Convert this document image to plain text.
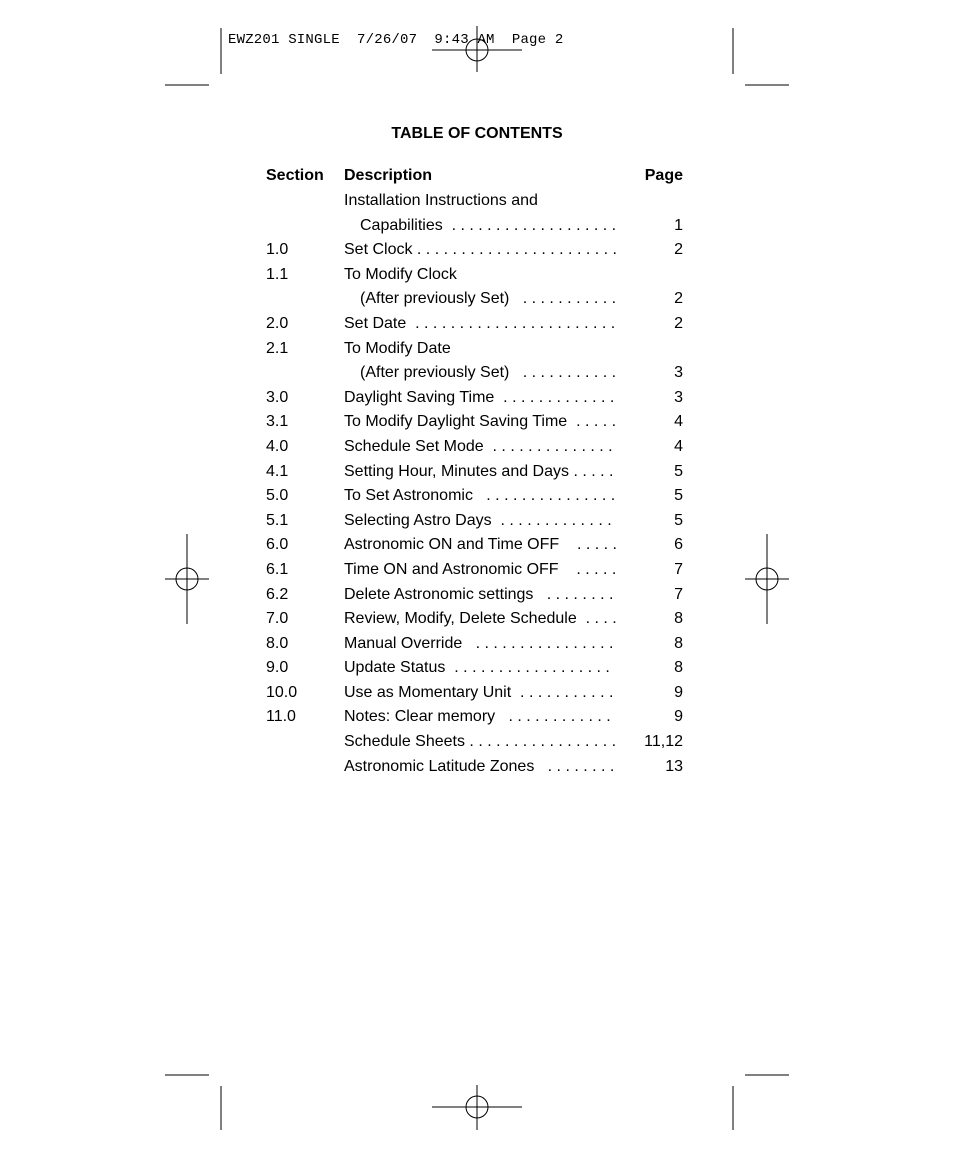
EWZ201 SINGLE  7/26/07  9:43 AM  Page 2
TABLE OF CONTENTS
Section Description	Page
Installation Instructions and
Capabilities  . . . . . . . . . . . . . . . . . . .	1
1.0	Set Clock . . . . . . . . . . . . . . . . . . . . . . .	2
1.1	To Modify Clock
(After previously Set)   . . . . . . . . . . .	2
2.0	Set Date  . . . . . . . . . . . . . . . . . . . . . . .	2
2.1	To Modify Date
(After previously Set)   . . . . . . . . . . .	3
3.0	Daylight Saving Time  . . . . . . . . . . . . .	3
3.1	To Modify Daylight Saving Time  . . . . .	4
4.0	Schedule Set Mode  . . . . . . . . . . . . . .	4
4.1	Setting Hour, Minutes and Days . . . . .	5
5.0	To Set Astronomic   . . . . . . . . . . . . . . .	5
5.1	Selecting Astro Days  . . . . . . . . . . . . .	5
6.0	Astronomic ON and Time OFF    . . . . .	6
6.1	Time ON and Astronomic OFF    . . . . .	7
6.2	Delete Astronomic settings   . . . . . . . .	7
7.0	Review, Modify, Delete Schedule  . . . .	8
8.0	Manual Override   . . . . . . . . . . . . . . . .	8
9.0	Update Status  . . . . . . . . . . . . . . . . . .	8
10.0	Use as Momentary Unit  . . . . . . . . . . .	9
11.0	Notes: Clear memory   . . . . . . . . . . . .	9
Schedule Sheets . . . . . . . . . . . . . . . . . 11,12
Astronomic Latitude Zones   . . . . . . . .	13
